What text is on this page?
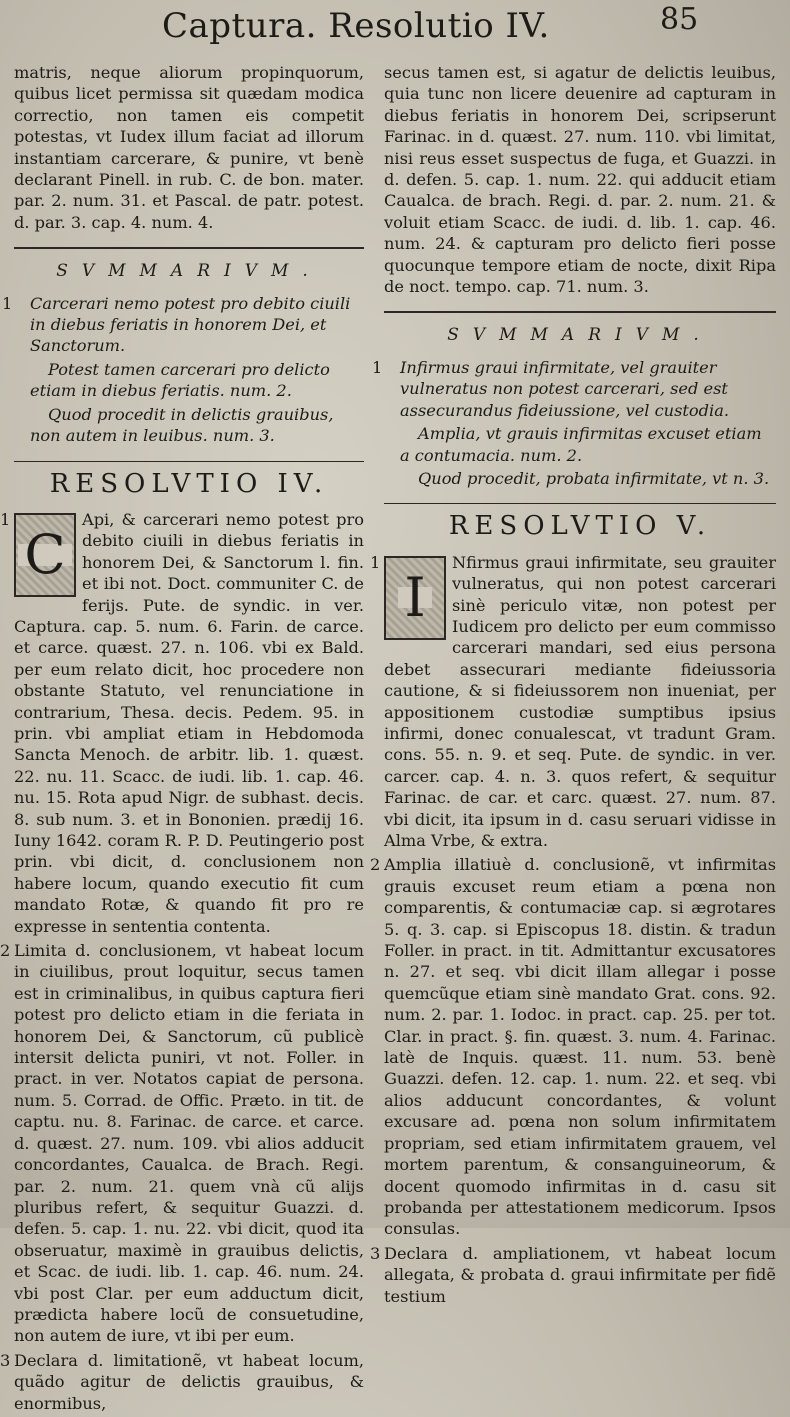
Captura. Resolutio IV.	85

matris, neque aliorum propinquorum, quibus licet permissa sit quædam modica correctio, non tamen eis competit potestas, vt Iudex illum faciat ad illorum instantiam carcerare, & punire, vt benè declarant Pinell. in rub. C. de bon. mater. par. 2. num. 31. et Pascal. de patr. potest. d. par. 3. cap. 4. num. 4.

SVMMARIVM.
1 Carcerari nemo potest pro debito ciuili in diebus feriatis in honorem Dei, et Sanctorum.
Potest tamen carcerari pro delicto etiam in diebus feriatis. num. 2.
Quod procedit in delictis grauibus, non autem in leuibus. num. 3.
RESOLVTIO IV.
1
C
Api, & carcerari nemo potest pro debito ciuili in diebus feriatis in honorem Dei, & Sanctorum l. fin. et ibi not. Doct. communiter C. de ferijs. Pute. de syndic. in ver. Captura. cap. 5. num. 6. Farin. de carce. et carce. quæst. 27. n. 106. vbi ex Bald. per eum relato dicit, hoc procedere non obstante Statuto, vel renunciatione in contrarium, Thesa. decis. Pedem. 95. in prin. vbi ampliat etiam in Hebdomoda Sancta Menoch. de arbitr. lib. 1. quæst. 22. nu. 11. Scacc. de iudi. lib. 1. cap. 46. nu. 15. Rota apud Nigr. de subhast. decis. 8. sub num. 3. et in Bononien. prædij 16. Iuny 1642. coram R. P. D. Peutingerio post prin. vbi dicit, d. conclusionem non habere locum, quando executio fit cum mandato Rotæ, & quando fit pro re expresse in sententia contenta.
2 Limita d. conclusionem, vt habeat locum in ciuilibus, prout loquitur, secus tamen est in criminalibus, in quibus captura fieri potest pro delicto etiam in die feriata in honorem Dei, & Sanctorum, cũ publicè intersit delicta puniri, vt not. Foller. in pract. in ver. Notatos capiat de persona. num. 5. Corrad. de Offic. Præto. in tit. de captu. nu. 8. Farinac. de carce. et carce. d. quæst. 27. num. 109. vbi alios adducit concordantes, Caualca. de Brach. Regi. par. 2. num. 21. quem vnà cũ alijs pluribus refert, & sequitur Guazzi. d. defen. 5. cap. 1. nu. 22. vbi dicit, quod ita obseruatur, maximè in grauibus delictis, et Scac. de iudi. lib. 1. cap. 46. num. 24. vbi post Clar. per eum adductum dicit, prædicta habere locũ de consuetudine, non autem de iure, vt ibi per eum.
3 Declara d. limitationẽ, vt habeat locum, quãdo agitur de delictis grauibus, & enormibus,

secus tamen est, si agatur de delictis leuibus, quia tunc non licere deuenire ad capturam in diebus feriatis in honorem Dei, scripserunt Farinac. in d. quæst. 27. num. 110. vbi limitat, nisi reus esset suspectus de fuga, et Guazzi. in d. defen. 5. cap. 1. num. 22. qui adducit etiam Caualca. de brach. Regi. d. par. 2. num. 21. & voluit etiam Scacc. de iudi. d. lib. 1. cap. 46. num. 24. & capturam pro delicto fieri posse quocunque tempore etiam de nocte, dixit Ripa de noct. tempo. cap. 71. num. 3.

SVMMARIVM.
1 Infirmus graui infirmitate, vel grauiter vulneratus non potest carcerari, sed est assecurandus fideiussione, vel custodia.
Amplia, vt grauis infirmitas excuset etiam a contumacia. num. 2.
Quod procedit, probata infirmitate, vt n. 3.
RESOLVTIO V.
1
I
Nfirmus graui infirmitate, seu grauiter vulneratus, qui non potest carcerari sinè periculo vitæ, non potest per Iudicem pro delicto per eum commisso carcerari mandari, sed eius persona debet assecurari mediante fideiussoria cautione, & si fideiussorem non inueniat, per appositionem custodiæ sumptibus ipsius infirmi, donec conualescat, vt tradunt Gram. cons. 55. n. 9. et seq. Pute. de syndic. in ver. carcer. cap. 4. n. 3. quos refert, & sequitur Farinac. de car. et carc. quæst. 27. num. 87. vbi dicit, ita ipsum in d. casu seruari vidisse in Alma Vrbe, & extra.
2 Amplia illatiuè d. conclusionẽ, vt infirmitas grauis excuset reum etiam a pœna non comparentis, & contumaciæ cap. si ægrotares 5. q. 3. cap. si Episcopus 18. distin. & tradun Foller. in pract. in tit. Admittantur excusatores n. 27. et seq. vbi dicit illam allegar i posse quemcũque etiam sinè mandato Grat. cons. 92. num. 2. par. 1. Iodoc. in pract. cap. 25. per tot. Clar. in pract. §. fin. quæst. 3. num. 4. Farinac. latè de Inquis. quæst. 11. num. 53. benè Guazzi. defen. 12. cap. 1. num. 22. et seq. vbi alios adducunt concordantes, & volunt excusare ad. pœna non solum infirmitatem propriam, sed etiam infirmitatem grauem, vel mortem parentum, & consanguineorum, & docent quomodo infirmitas in d. casu sit probanda per attestationem medicorum. Ipsos consulas.
3 Declara d. ampliationem, vt habeat locum allegata, & probata d. graui infirmitate per fidẽ testium
